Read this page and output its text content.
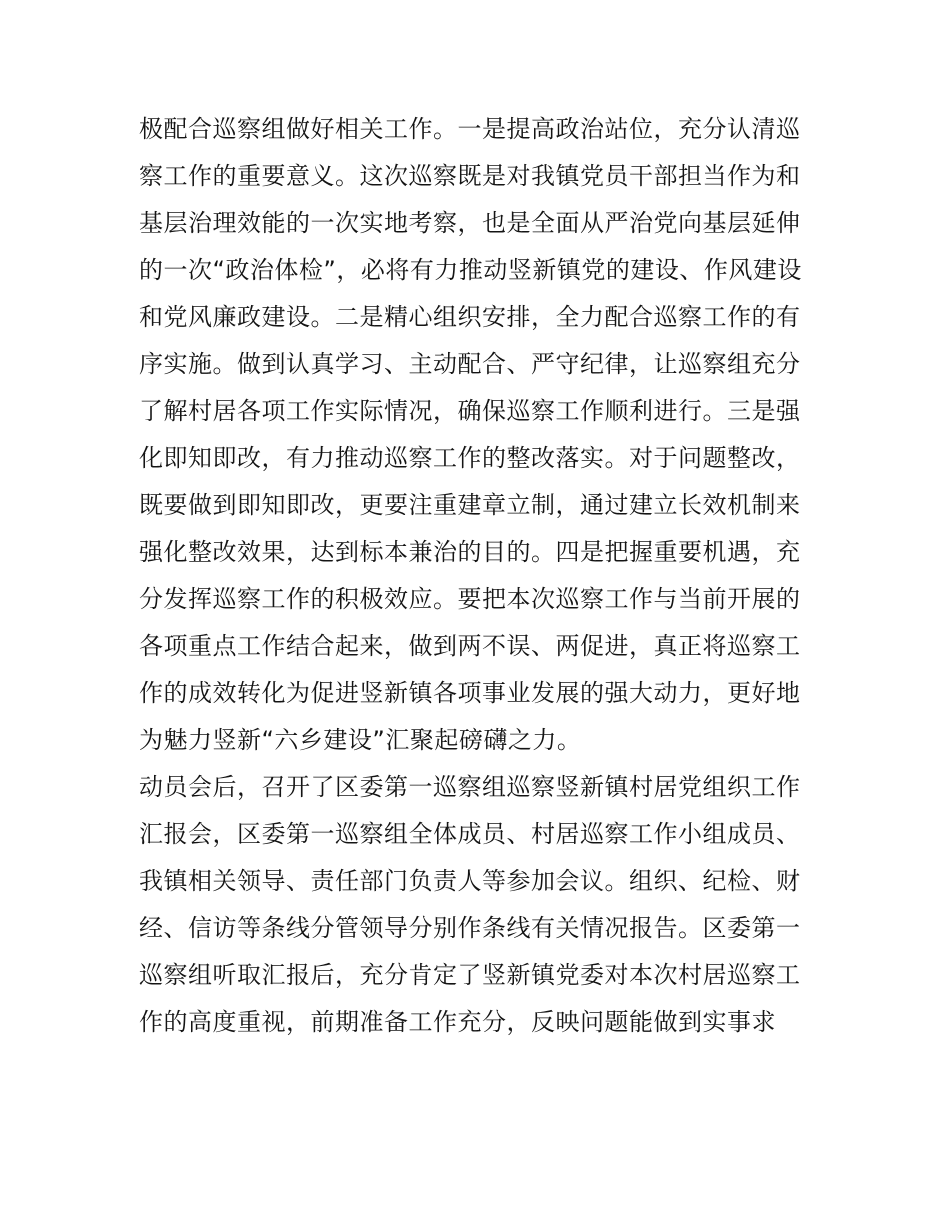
极配合巡察组做好相关工作。一是提高政治站位，充分认清巡
察工作的重要意义。这次巡察既是对我镇党员干部担当作为和
基层治理效能的一次实地考察，也是全面从严治党向基层延伸
的一次“政治体检”，必将有力推动竖新镇党的建设、作风建设
和党风廉政建设。二是精心组织安排，全力配合巡察工作的有
序实施。做到认真学习、主动配合、严守纪律，让巡察组充分
了解村居各项工作实际情况，确保巡察工作顺利进行。三是强
化即知即改，有力推动巡察工作的整改落实。对于问题整改，
既要做到即知即改，更要注重建章立制，通过建立长效机制来
强化整改效果，达到标本兼治的目的。四是把握重要机遇，充
分发挥巡察工作的积极效应。要把本次巡察工作与当前开展的
各项重点工作结合起来，做到两不误、两促进，真正将巡察工
作的成效转化为促进竖新镇各项事业发展的强大动力，更好地
为魅力竖新“六乡建设”汇聚起磅礴之力。
动员会后，召开了区委第一巡察组巡察竖新镇村居党组织工作
汇报会，区委第一巡察组全体成员、村居巡察工作小组成员、
我镇相关领导、责任部门负责人等参加会议。组织、纪检、财
经、信访等条线分管领导分别作条线有关情况报告。区委第一
巡察组听取汇报后，充分肯定了竖新镇党委对本次村居巡察工
作的高度重视，前期准备工作充分，反映问题能做到实事求
